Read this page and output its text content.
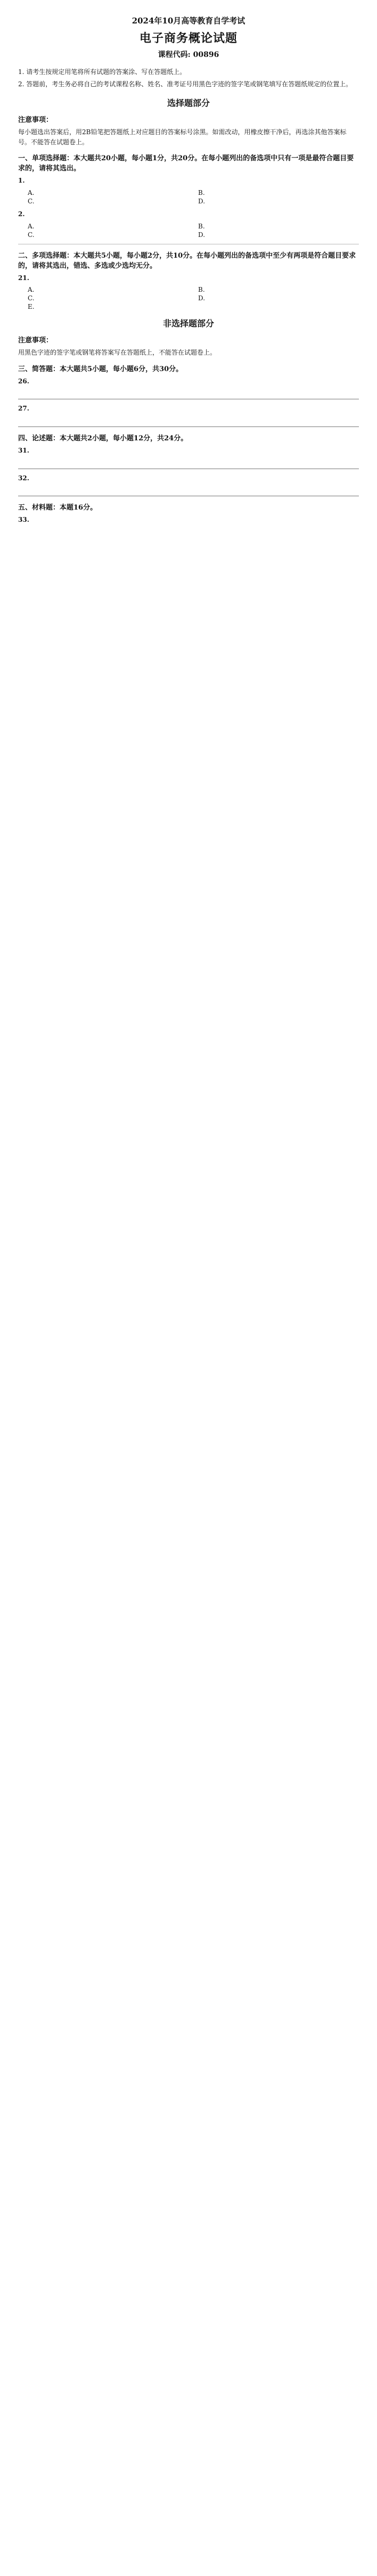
2024年10月高等教育自学考试
电子商务概论试题
课程代码: 00896

1. 请考生按规定用笔将所有试题的答案涂、写在答题纸上。

2. 答题前，考生务必将自己的考试课程名称、姓名、准考证号用黑色字迹的签字笔或钢笔填写在答题纸规定的位置上。

选择题部分
注意事项：
每小题选出答案后，用2B铅笔把答题纸上对应题目的答案标号涂黑。如需改动，用橡皮擦干净后，再选涂其他答案标号。不能答在试题卷上。
一、单项选择题：本大题共20小题，每小题1分，共20分。在每小题列出的备选项中只有一项是最符合题目要求的，请将其选出。
1.
A.	B.
C.	D.
2.
A.	B.
C.	D.
二、多项选择题：本大题共5小题，每小题2分，共10分。在每小题列出的备选项中至少有两项是符合题目要求的，请将其选出，错选、多选或少选均无分。
21.
A.	B.
C.	D.
E.
非选择题部分
注意事项：
用黑色字迹的签字笔或钢笔将答案写在答题纸上，不能答在试题卷上。
三、简答题：本大题共5小题，每小题6分，共30分。
26.
27.
四、论述题：本大题共2小题，每小题12分，共24分。
31.
32.
五、材料题：本题16分。
33.
